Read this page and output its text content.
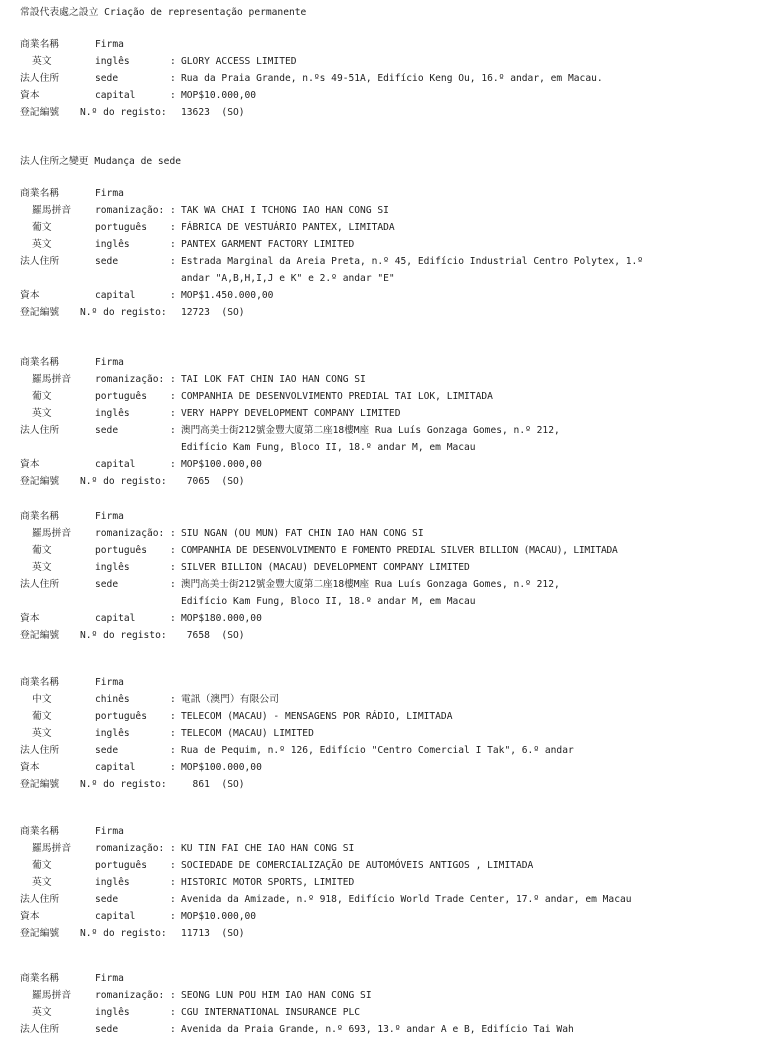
常設代表處之設立 Criação de representação permanente
商業名稱	Firma
英文	inglês	: GLORY ACCESS LIMITED
法人住所	sede	: Rua da Praia Grande, n.ºs 49-51A, Edifício Keng Ou, 16.º andar, em Macau.
資本	capital	: MOP$10.000,00
登記編號 N.º do registo: 13623  (SO)
法人住所之變更 Mudança de sede
商業名稱	Firma
羅馬拼音 romanização: : TAK WA CHAI I TCHONG IAO HAN CONG SI
葡文	português : FÁBRICA DE VESTUÁRIO PANTEX, LIMITADA
英文	inglês	: PANTEX GARMENT FACTORY LIMITED
法人住所	sede	: Estrada Marginal da Areia Preta, n.º 45, Edifício Industrial Centro Polytex, 1.º
andar "A,B,H,I,J e K" e 2.º andar "E"
資本	capital	: MOP$1.450.000,00
登記編號 N.º do registo: 12723  (SO)
商業名稱	Firma
羅馬拼音 romanização: : TAI LOK FAT CHIN IAO HAN CONG SI
葡文	português : COMPANHIA DE DESENVOLVIMENTO PREDIAL TAI LOK, LIMITADA
英文	inglês	: VERY HAPPY DEVELOPMENT COMPANY LIMITED
法人住所	sede	: 澳門高美士街212號金豐大廈第二座18樓M座 Rua Luís Gonzaga Gomes, n.º 212,
Edifício Kam Fung, Bloco II, 18.º andar M, em Macau
資本	capital	: MOP$100.000,00
登記編號 N.º do registo: 7065  (SO)
商業名稱	Firma
羅馬拼音 romanização: : SIU NGAN (OU MUN) FAT CHIN IAO HAN CONG SI
葡文	português : COMPANHIA DE DESENVOLVIMENTO E FOMENTO PREDIAL SILVER BILLION (MACAU), LIMITADA
英文	inglês	: SILVER BILLION (MACAU) DEVELOPMENT COMPANY LIMITED
法人住所	sede	: 澳門高美士街212號金豐大廈第二座18樓M座 Rua Luís Gonzaga Gomes, n.º 212,
Edifício Kam Fung, Bloco II, 18.º andar M, em Macau
資本	capital	: MOP$180.000,00
登記編號 N.º do registo: 7658  (SO)
商業名稱	Firma
中文	chinês	: 電訊（澳門）有限公司
葡文	português : TELECOM (MACAU) - MENSAGENS POR RÁDIO, LIMITADA
英文	inglês	: TELECOM (MACAU) LIMITED
法人住所	sede	: Rua de Pequim, n.º 126, Edifício "Centro Comercial I Tak", 6.º andar
資本	capital	: MOP$100.000,00
登記編號 N.º do registo: 861  (SO)
商業名稱	Firma
羅馬拼音 romanização: : KU TIN FAI CHE IAO HAN CONG SI
葡文	português : SOCIEDADE DE COMERCIALIZAÇÃO DE AUTOMÓVEIS ANTIGOS , LIMITADA
英文	inglês	: HISTORIC MOTOR SPORTS, LIMITED
法人住所	sede	: Avenida da Amizade, n.º 918, Edifício World Trade Center, 17.º andar, em Macau
資本	capital	: MOP$10.000,00
登記編號 N.º do registo: 11713  (SO)
商業名稱	Firma
羅馬拼音 romanização: : SEONG LUN POU HIM IAO HAN CONG SI
英文	inglês	: CGU INTERNATIONAL INSURANCE PLC
法人住所	sede	: Avenida da Praia Grande, n.º 693, 13.º andar A e B, Edifício Tai Wah
